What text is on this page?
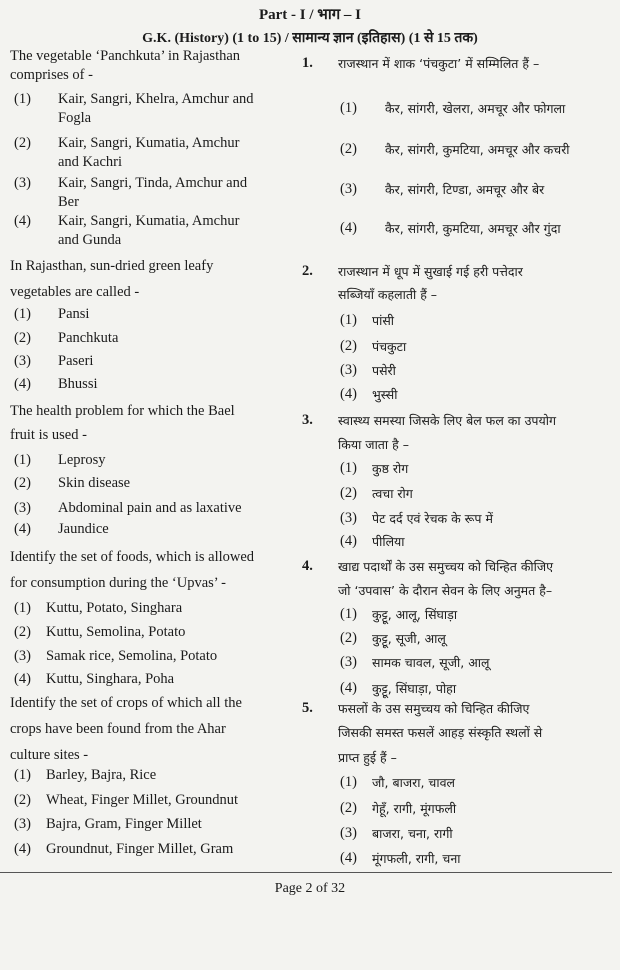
Part - I / भाग – I
G.K. (History) (1 to 15) / सामान्य ज्ञान (इतिहास) (1 से 15 तक)
The vegetable ‘Panchkuta’ in Rajasthan
comprises of -
(1) Kair, Sangri, Khelra, Amchur and
Fogla
(2) Kair, Sangri, Kumatia, Amchur
and Kachri
(3) Kair, Sangri, Tinda, Amchur and
Ber
(4) Kair, Sangri, Kumatia, Amchur
and Gunda
In Rajasthan, sun-dried green leafy
vegetables are called -
(1) Pansi
(2) Panchkuta
(3) Paseri
(4) Bhussi
The health problem for which the Bael
fruit is used -
(1) Leprosy
(2) Skin disease
(3) Abdominal pain and as laxative
(4) Jaundice
Identify the set of foods, which is allowed
for consumption during the ‘Upvas’ -
(1) Kuttu, Potato, Singhara
(2) Kuttu, Semolina, Potato
(3) Samak rice, Semolina, Potato
(4) Kuttu, Singhara, Poha
Identify the set of crops of which all the
crops have been found from the Ahar
culture sites -
(1) Barley, Bajra, Rice
(2) Wheat, Finger Millet, Groundnut
(3) Bajra, Gram, Finger Millet
(4) Groundnut, Finger Millet, Gram
1. राजस्थान में शाक ‘पंचकुटा’ में सम्मिलित हैं –
(1) कैर, सांगरी, खेलरा, अमचूर और फोगला
(2) कैर, सांगरी, कुमटिया, अमचूर और कचरी
(3) कैर, सांगरी, टिण्डा, अमचूर और बेर
(4) कैर, सांगरी, कुमटिया, अमचूर और गुंदा
2. राजस्थान में धूप में सुखाई गई हरी पत्तेदार
सब्जियाँ कहलाती हैं –
(1) पांसी
(2) पंचकुटा
(3) पसेरी
(4) भुस्सी
3. स्वास्थ्य समस्या जिसके लिए बेल फल का उपयोग
किया जाता है –
(1) कुष्ठ रोग
(2) त्वचा रोग
(3) पेट दर्द एवं रेचक के रूप में
(4) पीलिया
4. खाद्य पदार्थों के उस समुच्चय को चिन्हित कीजिए
जो ‘उपवास’ के दौरान सेवन के लिए अनुमत है–
(1) कुट्टू, आलू, सिंघाड़ा
(2) कुट्टू, सूजी, आलू
(3) सामक चावल, सूजी, आलू
(4) कुट्टू, सिंघाड़ा, पोहा
5. फसलों के उस समुच्चय को चिन्हित कीजिए
जिसकी समस्त फसलें आहड़ संस्कृति स्थलों से
प्राप्त हुई हैं –
(1) जौ, बाजरा, चावल
(2) गेहूँ, रागी, मूंगफली
(3) बाजरा, चना, रागी
(4) मूंगफली, रागी, चना
Page 2 of 32
